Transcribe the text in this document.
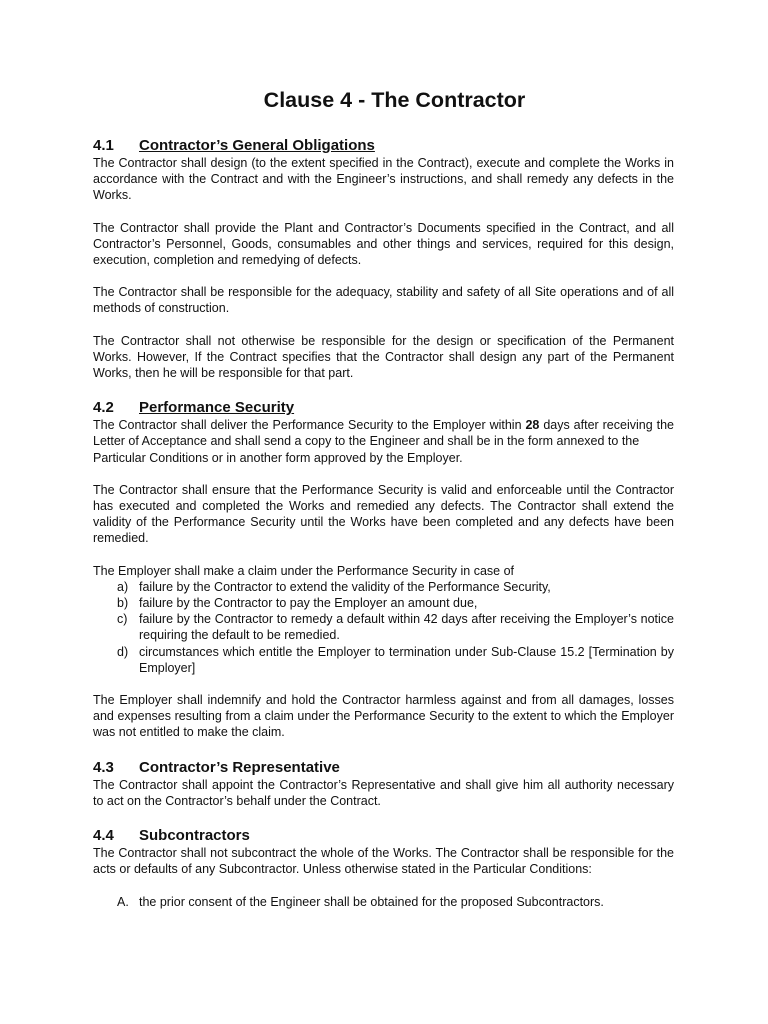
Clause 4 - The Contractor
4.1 Contractor’s General Obligations

The Contractor shall design (to the extent specified in the Contract), execute and complete the Works in accordance with the Contract and with the Engineer’s instructions, and shall remedy any defects in the Works.

The Contractor shall provide the Plant and Contractor’s Documents specified in the Contract, and all Contractor’s Personnel, Goods, consumables and other things and services, required for this design, execution, completion and remedying of defects.

The Contractor shall be responsible for the adequacy, stability and safety of all Site operations and of all methods of construction.

The Contractor shall not otherwise be responsible for the design or specification of the Permanent Works. However, If the Contract specifies that the Contractor shall design any part of the Permanent Works, then he will be responsible for that part.

4.2 Performance Security

The Contractor shall deliver the Performance Security to the Employer within 28 days after receiving the Letter of Acceptance and shall send a copy to the Engineer and shall be in the form annexed to the

Particular Conditions or in another form approved by the Employer.

The Contractor shall ensure that the Performance Security is valid and enforceable until the Contractor has executed and completed the Works and remedied any defects. The Contractor shall extend the validity of the Performance Security until the Works have been completed and any defects have been remedied.

The Employer shall make a claim under the Performance Security in case of

a) failure by the Contractor to extend the validity of the Performance Security,
b) failure by the Contractor to pay the Employer an amount due,
c) failure by the Contractor to remedy a default within 42 days after receiving the Employer’s notice requiring the default to be remedied.
d) circumstances which entitle the Employer to termination under Sub-Clause 15.2 [Termination by Employer]

The Employer shall indemnify and hold the Contractor harmless against and from all damages, losses and expenses resulting from a claim under the Performance Security to the extent to which the Employer was not entitled to make the claim.

4.3 Contractor’s Representative

The Contractor shall appoint the Contractor’s Representative and shall give him all authority necessary to act on the Contractor’s behalf under the Contract.

4.4 Subcontractors

The Contractor shall not subcontract the whole of the Works. The Contractor shall be responsible for the acts or defaults of any Subcontractor. Unless otherwise stated in the Particular Conditions:

A. the prior consent of the Engineer shall be obtained for the proposed Subcontractors.
